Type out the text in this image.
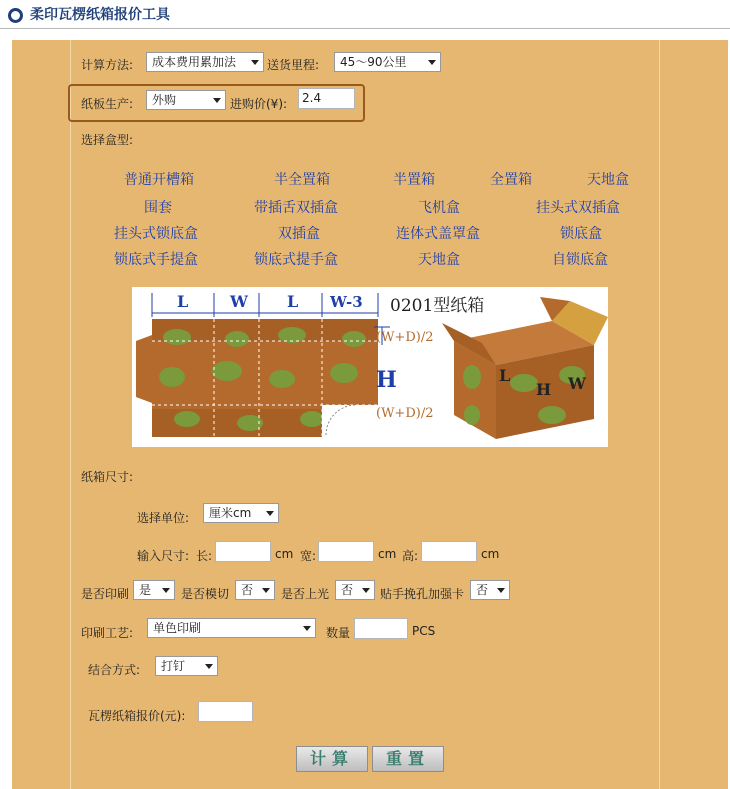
柔印瓦楞纸箱报价工具
计算方法:	成本费用累加法	送货里程:	45～90公里
纸板生产:	外购	进购价(¥):	2.4
选择盒型:
普通开槽箱	半全置箱	半置箱	全置箱	天地盒
围套	带插舌双插盒	飞机盒	挂头式双插盒
挂头式锁底盒	双插盒	连体式盖罩盒	锁底盒
锁底式手提盒	锁底式提手盒	天地盒	自锁底盒
L	W L W-3 0201型纸箱
(W+D)/2
H
(W+D)/2
L
H W
纸箱尺寸:
选择单位:	厘米cm
输入尺寸: 长:	cm 宽:	cm 高:	cm
是否印刷 是	是否模切 否	是否上光 否	贴手挽孔加强卡 否
印刷工艺:	单色印刷	数量	PCS
结合方式:	打钉
瓦楞纸箱报价(元):
计算	重置
